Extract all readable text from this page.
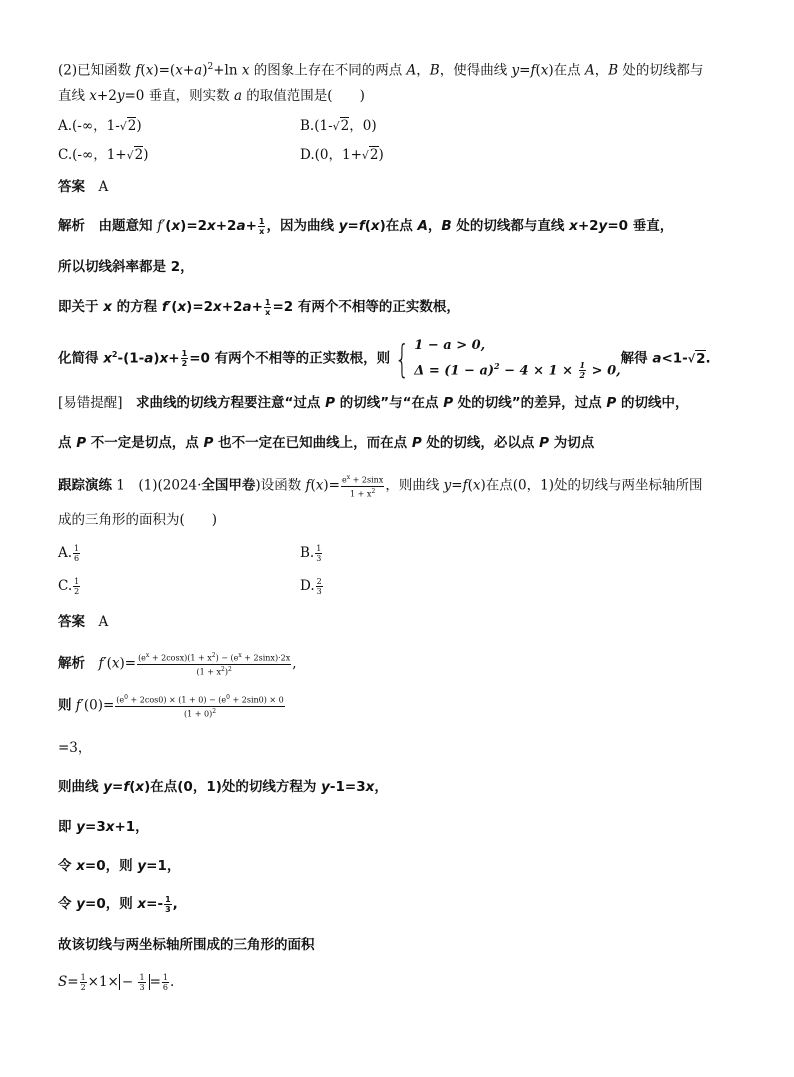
(2)已知函数 $f(x)=(x+a)^2+\ln$ x 的图象上存在不同的两点 A，B，使得曲线 y=f(x)在点 A，B 处的切线都与
直线 x+2y=0 垂直，则实数 a 的取值范围是(　　)
A.(-∞，1-√2)	B.(1-√2，0)
C.(-∞，1+√2)	D.(0，1+√2)
答案　 A
解析　由题意知 $f'(x)=2x+2a+ \frac{1}{x}$ ，因为曲线 y=f(x)在点 A，B 处的切线都与直线 x+2y=0 垂直，
所以切线斜率都是 2，
即关于 x 的方程 $f'(x)=2x+2a+ \frac{1}{x} =2$ 有两个不相等的正实数根，
化简得 $x^2-(1-a)x+ \frac{1}{2} =0$ 有两个不相等的正实数根，则 { 1 − a > 0,
$\Delta = (1 - a)^2 - 4 \times 1 \times \frac{1}{2} > 0$,
解得 a<1-√2.
[易错提醒]　 求曲线的切线方程要注意“过点 P 的切线”与“在点 P 处的切线”的差异，过点 P 的切线中，
点 P 不一定是切点，点 P 也不一定在已知曲线上，而在点 P 处的切线，必以点 P 为切点
跟踪演练 1　(1)(2024·全国甲卷)设函数 $f(x)= \frac{e^x + 2\sin x}{1 + x^2}$ ，则曲线 y=f(x)在点(0，1)处的切线与两坐标轴所围
成的三角形的面积为(　　)
A. $\frac{1}{6}$	B. $\frac{1}{3}$
C. $\frac{1}{2}$	D. $\frac{2}{3}$
答案　 A
解析　 $f'(x)= \frac{(e^x + 2\cos x)(1 + x^2) - (e^x + 2\sin x)\cdot 2x}{(1 + x^2)^2}$ ,
则 $f'(0)= \frac{(e^0 + 2\cos 0) \times (1 + 0) - (e^0 + 2\sin 0) \times 0}{(1 + 0)^2}$
=3，
则曲线 y=f(x)在点(0，1)处的切线方程为 y-1=3x，
即 y=3x+1，
令 x=0，则 y=1，
令 y=0，则 $x=- \frac{1}{3}$ ,
故该切线与两坐标轴所围成的三角形的面积
$S= \frac{1}{2} \times 1\times - \frac{1}{3} = \frac{1}{6}$ .
